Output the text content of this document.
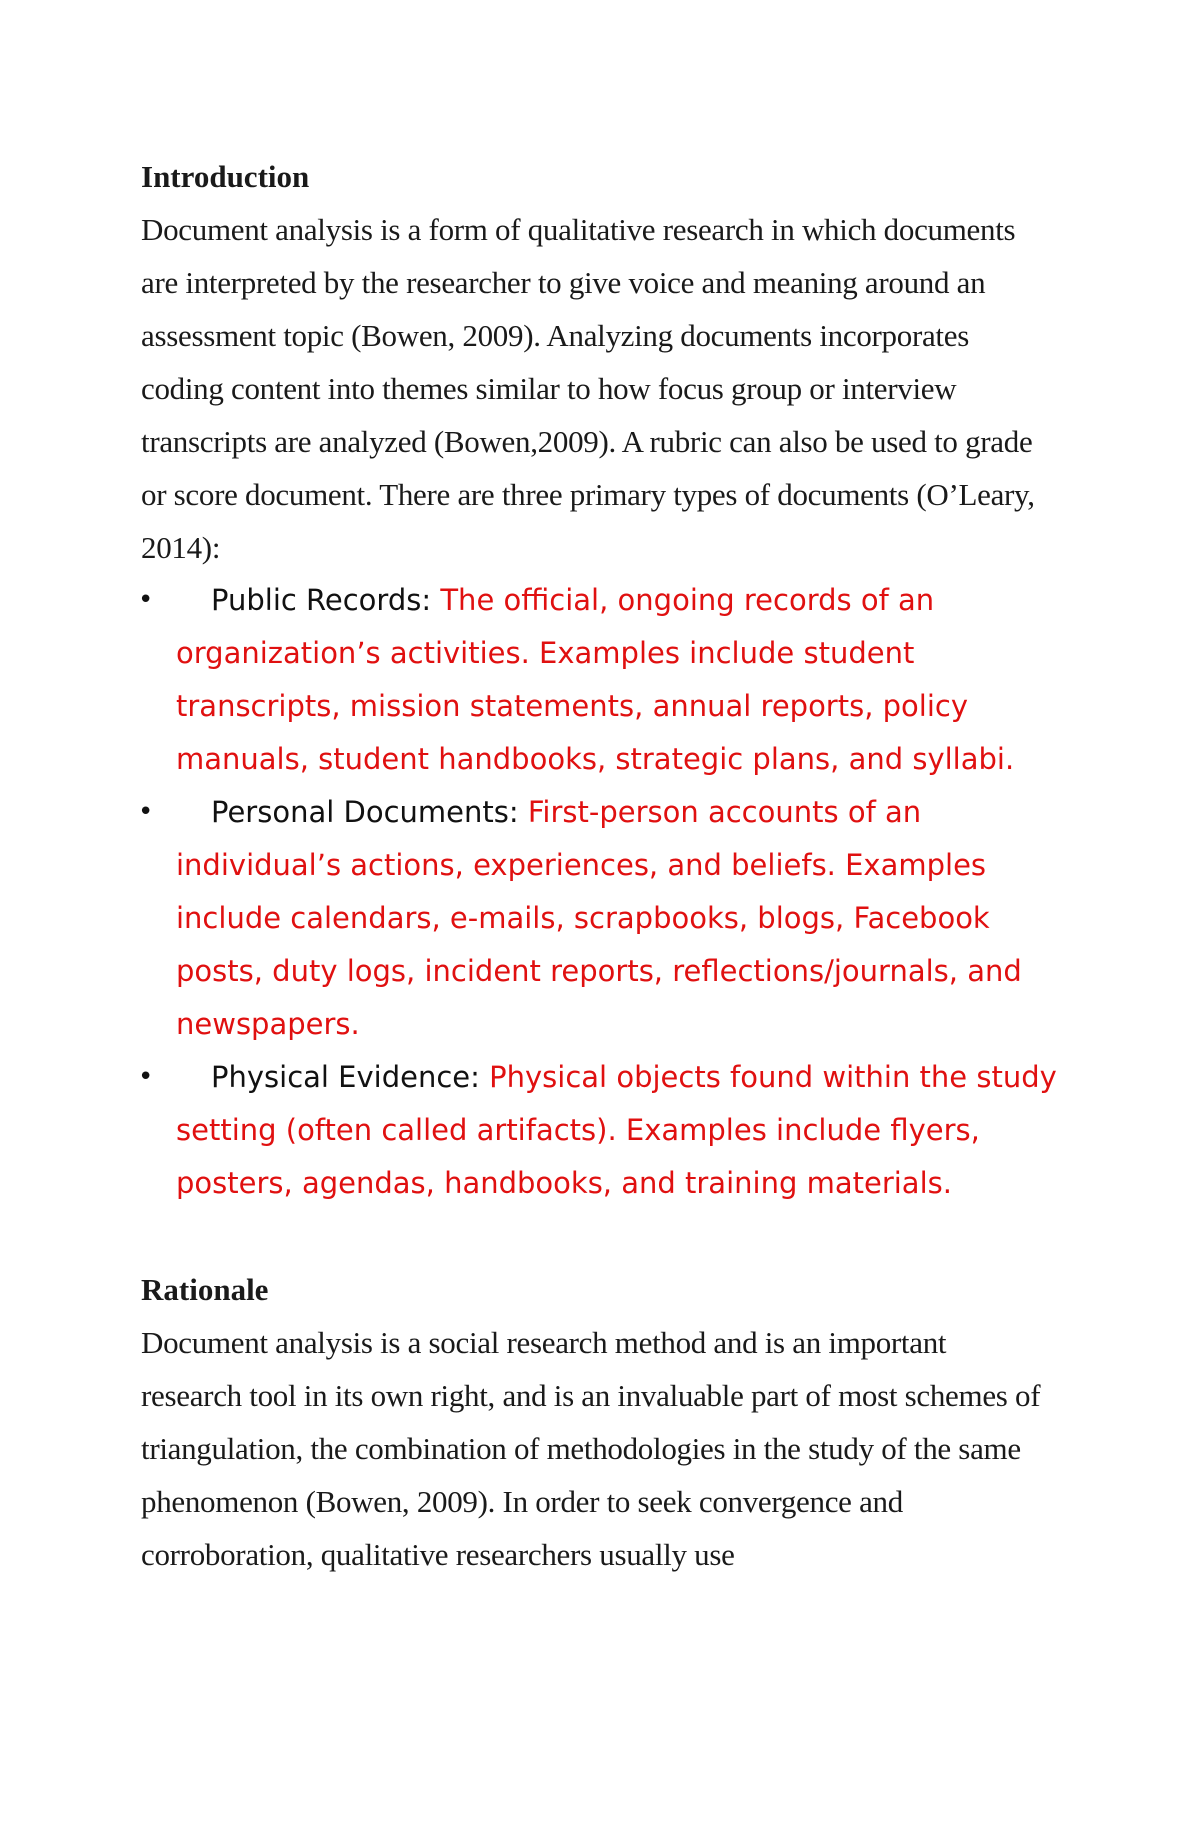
Introduction

Document analysis is a form of qualitative research in which documents are interpreted by the researcher to give voice and meaning around an assessment topic (Bowen, 2009). Analyzing documents incorporates coding content into themes similar to how focus group or interview transcripts are analyzed (Bowen,2009). A rubric can also be used to grade or score document. There are three primary types of documents (O’Leary, 2014):

• Public Records: The official, ongoing records of an organization’s activities. Examples include student transcripts, mission statements, annual reports, policy manuals, student handbooks, strategic plans, and syllabi.
• Personal Documents: First-person accounts of an individual’s actions, experiences, and beliefs. Examples include calendars, e-mails, scrapbooks, blogs, Facebook posts, duty logs, incident reports, reflections/journals, and newspapers.
• Physical Evidence: Physical objects found within the study setting (often called artifacts). Examples include flyers, posters, agendas, handbooks, and training materials.
Rationale

Document analysis is a social research method and is an important research tool in its own right, and is an invaluable part of most schemes of triangulation, the combination of methodologies in the study of the same phenomenon (Bowen, 2009). In order to seek convergence and corroboration, qualitative researchers usually use
